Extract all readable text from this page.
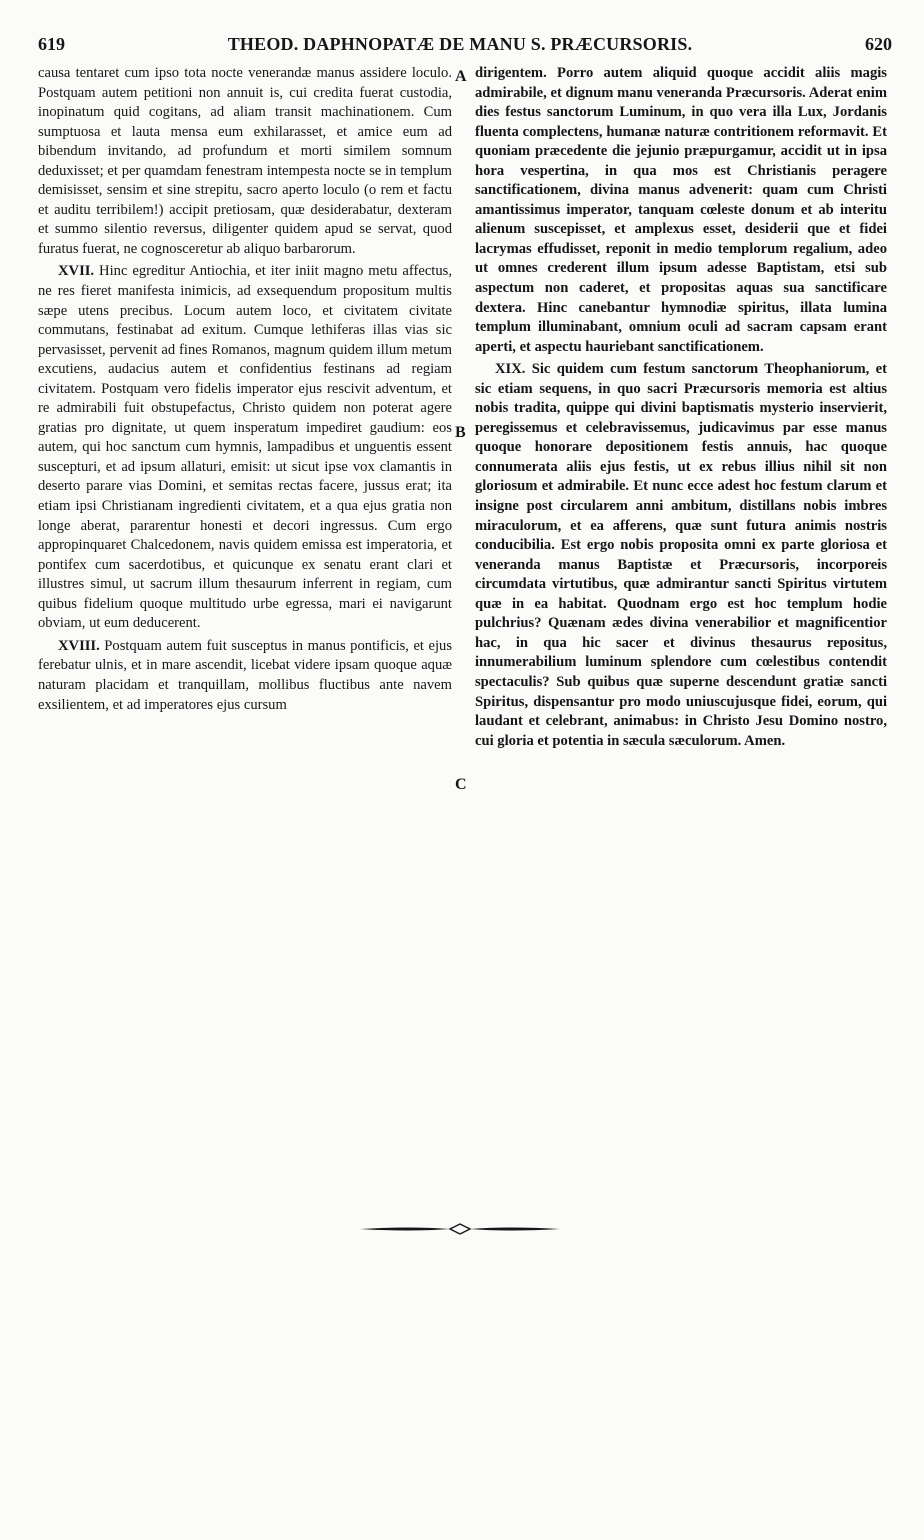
619	THEOD. DAPHNOPATÆ DE MANU S. PRÆCURSORIS.	620

causa tentaret cum ipso tota nocte venerandæ manus assidere loculo. Postquam autem petitioni non annuit is, cui credita fuerat custodia, inopinatum quid cogitans, ad aliam transit machinationem. Cum sumptuosa et lauta mensa eum exhilarasset, et amice eum ad bibendum invitando, ad profundum et morti similem somnum deduxisset; et per quamdam fenestram intempesta nocte se in templum demisisset, sensim et sine strepitu, sacro aperto loculo (o rem et factu et auditu terribilem!) accipit pretiosam, quæ desiderabatur, dexteram et summo silentio reversus, diligenter quidem apud se servat, quod furatus fuerat, ne cognosceretur ab aliquo barbarorum.

XVII. Hinc egreditur Antiochia, et iter iniit magno metu affectus, ne res fieret manifesta inimicis, ad exsequendum propositum multis sæpe utens precibus. Locum autem loco, et civitatem civitate commutans, festinabat ad exitum. Cumque lethiferas illas vias sic pervasisset, pervenit ad fines Romanos, magnum quidem illum metum excutiens, audacius autem et confidentius festinans ad regiam civitatem. Postquam vero fidelis imperator ejus rescivit adventum, et re admirabili fuit obstupefactus, Christo quidem non poterat agere gratias pro dignitate, ut quem insperatum impediret gaudium: eos autem, qui hoc sanctum cum hymnis, lampadibus et unguentis essent suscepturi, et ad ipsum allaturi, emisit: ut sicut ipse vox clamantis in deserto parare vias Domini, et semitas rectas facere, jussus erat; ita etiam ipsi Christianam ingredienti civitatem, et a qua ejus gratia non longe aberat, pararentur honesti et decori ingressus. Cum ergo appropinquaret Chalcedonem, navis quidem emissa est imperatoria, et pontifex cum sacerdotibus, et quicunque ex senatu erant clari et illustres simul, ut sacrum illum thesaurum inferrent in regiam, cum quibus fidelium quoque multitudo urbe egressa, mari ei navigarunt obviam, ut eum deducerent.

XVIII. Postquam autem fuit susceptus in manus pontificis, et ejus ferebatur ulnis, et in mare ascendit, licebat videre ipsam quoque aquæ naturam placidam et tranquillam, mollibus fluctibus ante navem exsilientem, et ad imperatores ejus cursum

A
B
C

dirigentem. Porro autem aliquid quoque accidit aliis magis admirabile, et dignum manu veneranda Præcursoris. Aderat enim dies festus sanctorum Luminum, in quo vera illa Lux, Jordanis fluenta complectens, humanæ naturæ contritionem reformavit. Et quoniam præcedente die jejunio præpurgamur, accidit ut in ipsa hora vespertina, in qua mos est Christianis peragere sanctificationem, divina manus advenerit: quam cum Christi amantissimus imperator, tanquam cœleste donum et ab interitu alienum suscepisset, et amplexus esset, desiderii que et fidei lacrymas effudisset, reponit in medio templorum regalium, adeo ut omnes crederent illum ipsum adesse Baptistam, etsi sub aspectum non caderet, et propositas aquas sua sanctificare dextera. Hinc canebantur hymnodiæ spiritus, illata lumina templum illuminabant, omnium oculi ad sacram capsam erant aperti, et aspectu hauriebant sanctificationem.

XIX. Sic quidem cum festum sanctorum Theophaniorum, et sic etiam sequens, in quo sacri Præcursoris memoria est altius nobis tradita, quippe qui divini baptismatis mysterio inservierit, peregissemus et celebravissemus, judicavimus par esse manus quoque honorare depositionem festis annuis, hac quoque connumerata aliis ejus festis, ut ex rebus illius nihil sit non gloriosum et admirabile. Et nunc ecce adest hoc festum clarum et insigne post circularem anni ambitum, distillans nobis imbres miraculorum, et ea afferens, quæ sunt futura animis nostris conducibilia. Est ergo nobis proposita omni ex parte gloriosa et veneranda manus Baptistæ et Præcursoris, incorporeis circumdata virtutibus, quæ admirantur sancti Spiritus virtutem quæ in ea habitat. Quodnam ergo est hoc templum hodie pulchrius? Quænam ædes divina venerabilior et magnificentior hac, in qua hic sacer et divinus thesaurus repositus, innumerabilium luminum splendore cum cœlestibus contendit spectaculis? Sub quibus quæ superne descendunt gratiæ sancti Spiritus, dispensantur pro modo uniuscujusque fidei, eorum, qui laudant et celebrant, animabus: in Christo Jesu Domino nostro, cui gloria et potentia in sæcula sæculorum. Amen.
